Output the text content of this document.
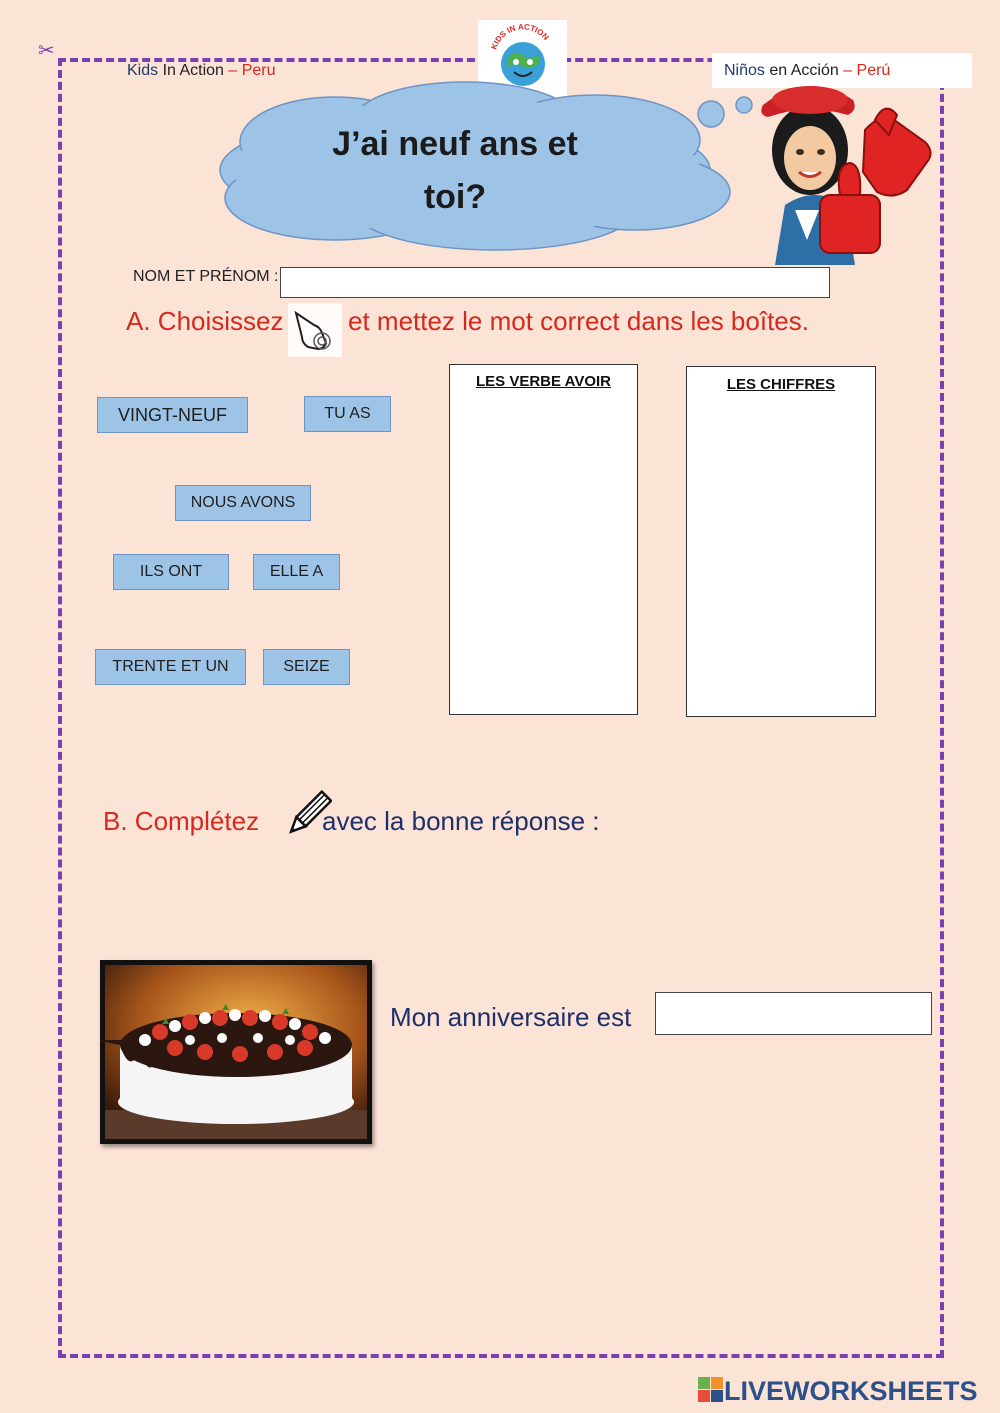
✂
Kids In Action – Peru	Niños en Acción – Perú
KIDS IN ACTION
J’ai neuf ans et
toi?
NOM ET PRÉNOM :
A. Choisissez et mettez le mot correct dans les boîtes.
VINGT-NEUF	TU AS
NOUS AVONS
ILS ONT	ELLE A
TRENTE ET UN	SEIZE
LES VERBE AVOIR	LES CHIFFRES
B. Complétez avec la bonne réponse :
Mon anniversaire est
LIVEWORKSHEETS
